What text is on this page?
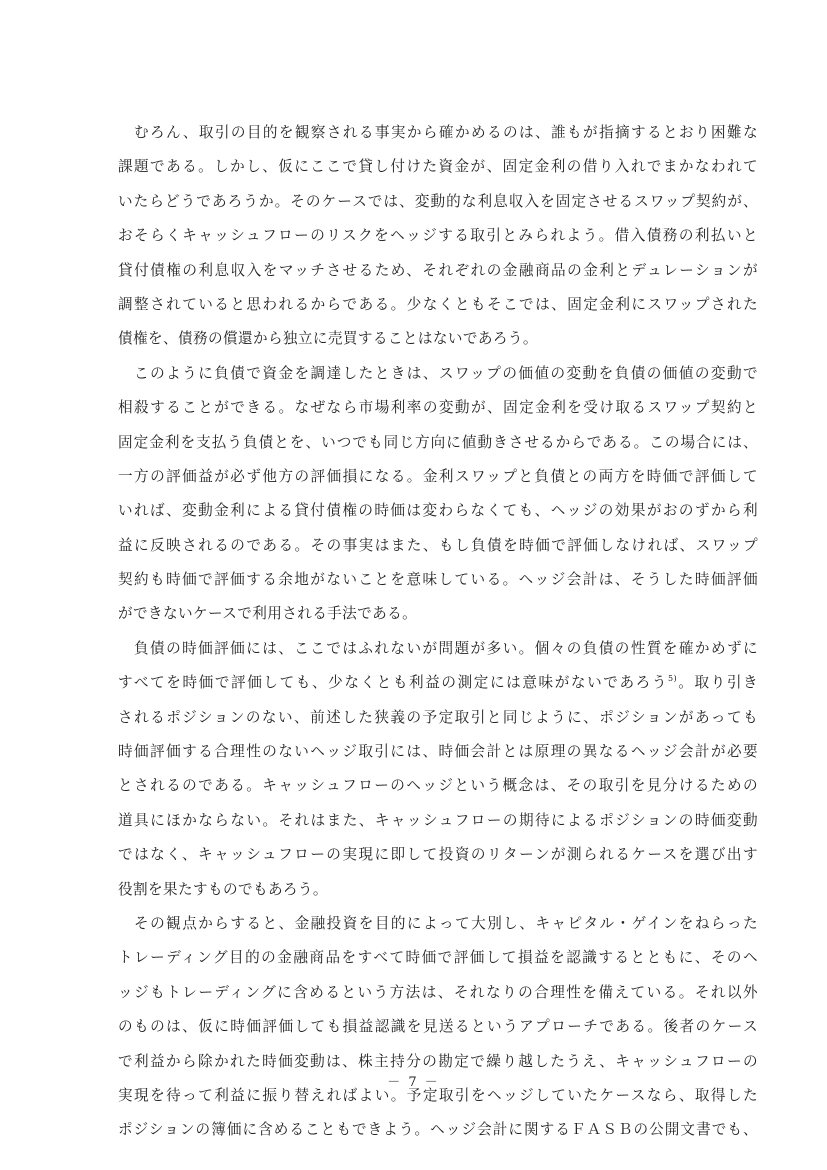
　むろん、取引の目的を観察される事実から確かめるのは、誰もが指摘するとおり困難な
課題である。しかし、仮にここで貸し付けた資金が、固定金利の借り入れでまかなわれて
いたらどうであろうか。そのケースでは、変動的な利息収入を固定させるスワップ契約が、
おそらくキャッシュフローのリスクをヘッジする取引とみられよう。借入債務の利払いと
貸付債権の利息収入をマッチさせるため、それぞれの金融商品の金利とデュレーションが
調整されていると思われるからである。少なくともそこでは、固定金利にスワップされた
債権を、債務の償還から独立に売買することはないであろう。
　このように負債で資金を調達したときは、スワップの価値の変動を負債の価値の変動で
相殺することができる。なぜなら市場利率の変動が、固定金利を受け取るスワップ契約と
固定金利を支払う負債とを、いつでも同じ方向に値動きさせるからである。この場合には、
一方の評価益が必ず他方の評価損になる。金利スワップと負債との両方を時価で評価して
いれば、変動金利による貸付債権の時価は変わらなくても、ヘッジの効果がおのずから利
益に反映されるのである。その事実はまた、もし負債を時価で評価しなければ、スワップ
契約も時価で評価する余地がないことを意味している。ヘッジ会計は、そうした時価評価
ができないケースで利用される手法である。
　負債の時価評価には、ここではふれないが問題が多い。個々の負債の性質を確かめずに
すべてを時価で評価しても、少なくとも利益の測定には意味がないであろう$^{5)}$。取り引き
されるポジションのない、前述した狭義の予定取引と同じように、ポジションがあっても
時価評価する合理性のないヘッジ取引には、時価会計とは原理の異なるヘッジ会計が必要
とされるのである。キャッシュフローのヘッジという概念は、その取引を見分けるための
道具にほかならない。それはまた、キャッシュフローの期待によるポジションの時価変動
ではなく、キャッシュフローの実現に即して投資のリターンが測られるケースを選び出す
役割を果たすものでもあろう。
　その観点からすると、金融投資を目的によって大別し、キャピタル・ゲインをねらった
トレーディング目的の金融商品をすべて時価で評価して損益を認識するとともに、そのヘ
ッジもトレーディングに含めるという方法は、それなりの合理性を備えている。それ以外
のものは、仮に時価評価しても損益認識を見送るというアプローチである。後者のケース
で利益から除かれた時価変動は、株主持分の勘定で繰り越したうえ、キャッシュフローの
実現を待って利益に振り替えればよい。予定取引をヘッジしていたケースなら、取得した
ポジションの簿価に含めることもできよう。ヘッジ会計に関するＦＡＳＢの公開文書でも、
－ 7 －
